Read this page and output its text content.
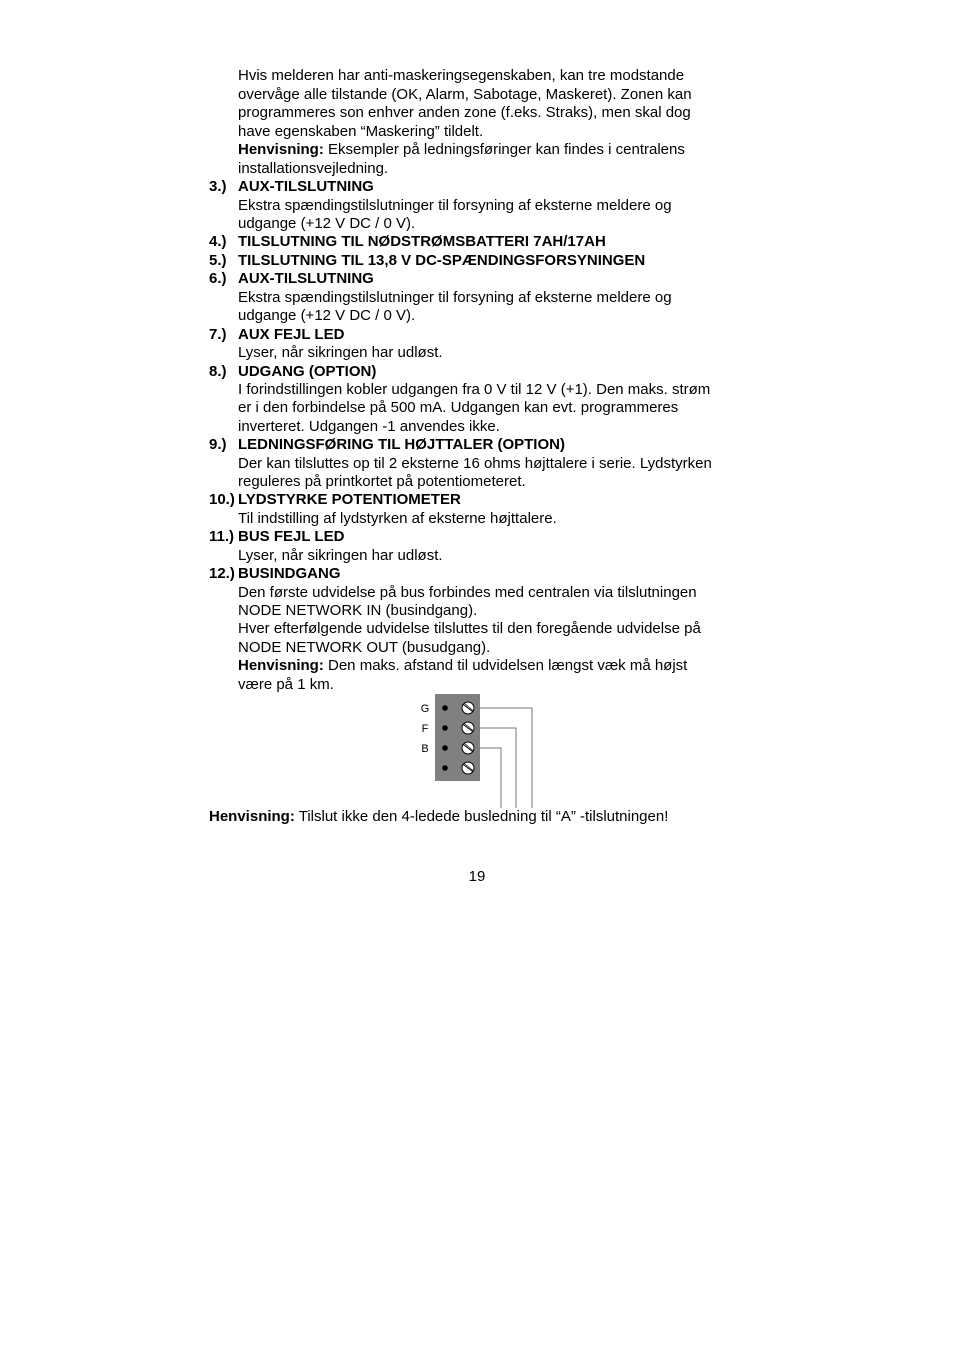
Hvis melderen har anti-maskeringsegenskaben, kan tre modstande
overvåge alle tilstande (OK, Alarm, Sabotage, Maskeret). Zonen kan
programmeres son enhver anden zone (f.eks. Straks), men skal dog
have egenskaben “Maskering” tildelt.
Henvisning: Eksempler på ledningsføringer kan findes i centralens
installationsvejledning.
3.) AUX-TILSLUTNING
Ekstra spændingstilslutninger til forsyning af eksterne meldere og
udgange (+12 V DC / 0 V).
4.) TILSLUTNING TIL NØDSTRØMSBATTERI 7AH/17AH
5.) TILSLUTNING TIL 13,8 V DC-SPÆNDINGSFORSYNINGEN
6.) AUX-TILSLUTNING
Ekstra spændingstilslutninger til forsyning af eksterne meldere og
udgange (+12 V DC / 0 V).
7.) AUX FEJL LED
Lyser, når sikringen har udløst.
8.) UDGANG (OPTION)
I forindstillingen kobler udgangen fra 0 V til 12 V (+1). Den maks. strøm
er i den forbindelse på 500 mA. Udgangen kan evt. programmeres
inverteret. Udgangen -1 anvendes ikke.
9.) LEDNINGSFØRING TIL HØJTTALER (OPTION)
Der kan tilsluttes op til 2 eksterne 16 ohms højttalere i serie. Lydstyrken
reguleres på printkortet på potentiometeret.
10.) LYDSTYRKE POTENTIOMETER
Til indstilling af lydstyrken af eksterne højttalere.
11.) BUS FEJL LED
Lyser, når sikringen har udløst.
12.) BUSINDGANG
Den første udvidelse på bus forbindes med centralen via tilslutningen
NODE NETWORK IN (busindgang).
Hver efterfølgende udvidelse tilsluttes til den foregående udvidelse på
NODE NETWORK OUT (busudgang).
Henvisning: Den maks. afstand til udvidelsen længst væk må højst
være på 1 km.
G
F
B
Henvisning: Tilslut ikke den 4-ledede busledning til “A” -tilslutningen!
19
